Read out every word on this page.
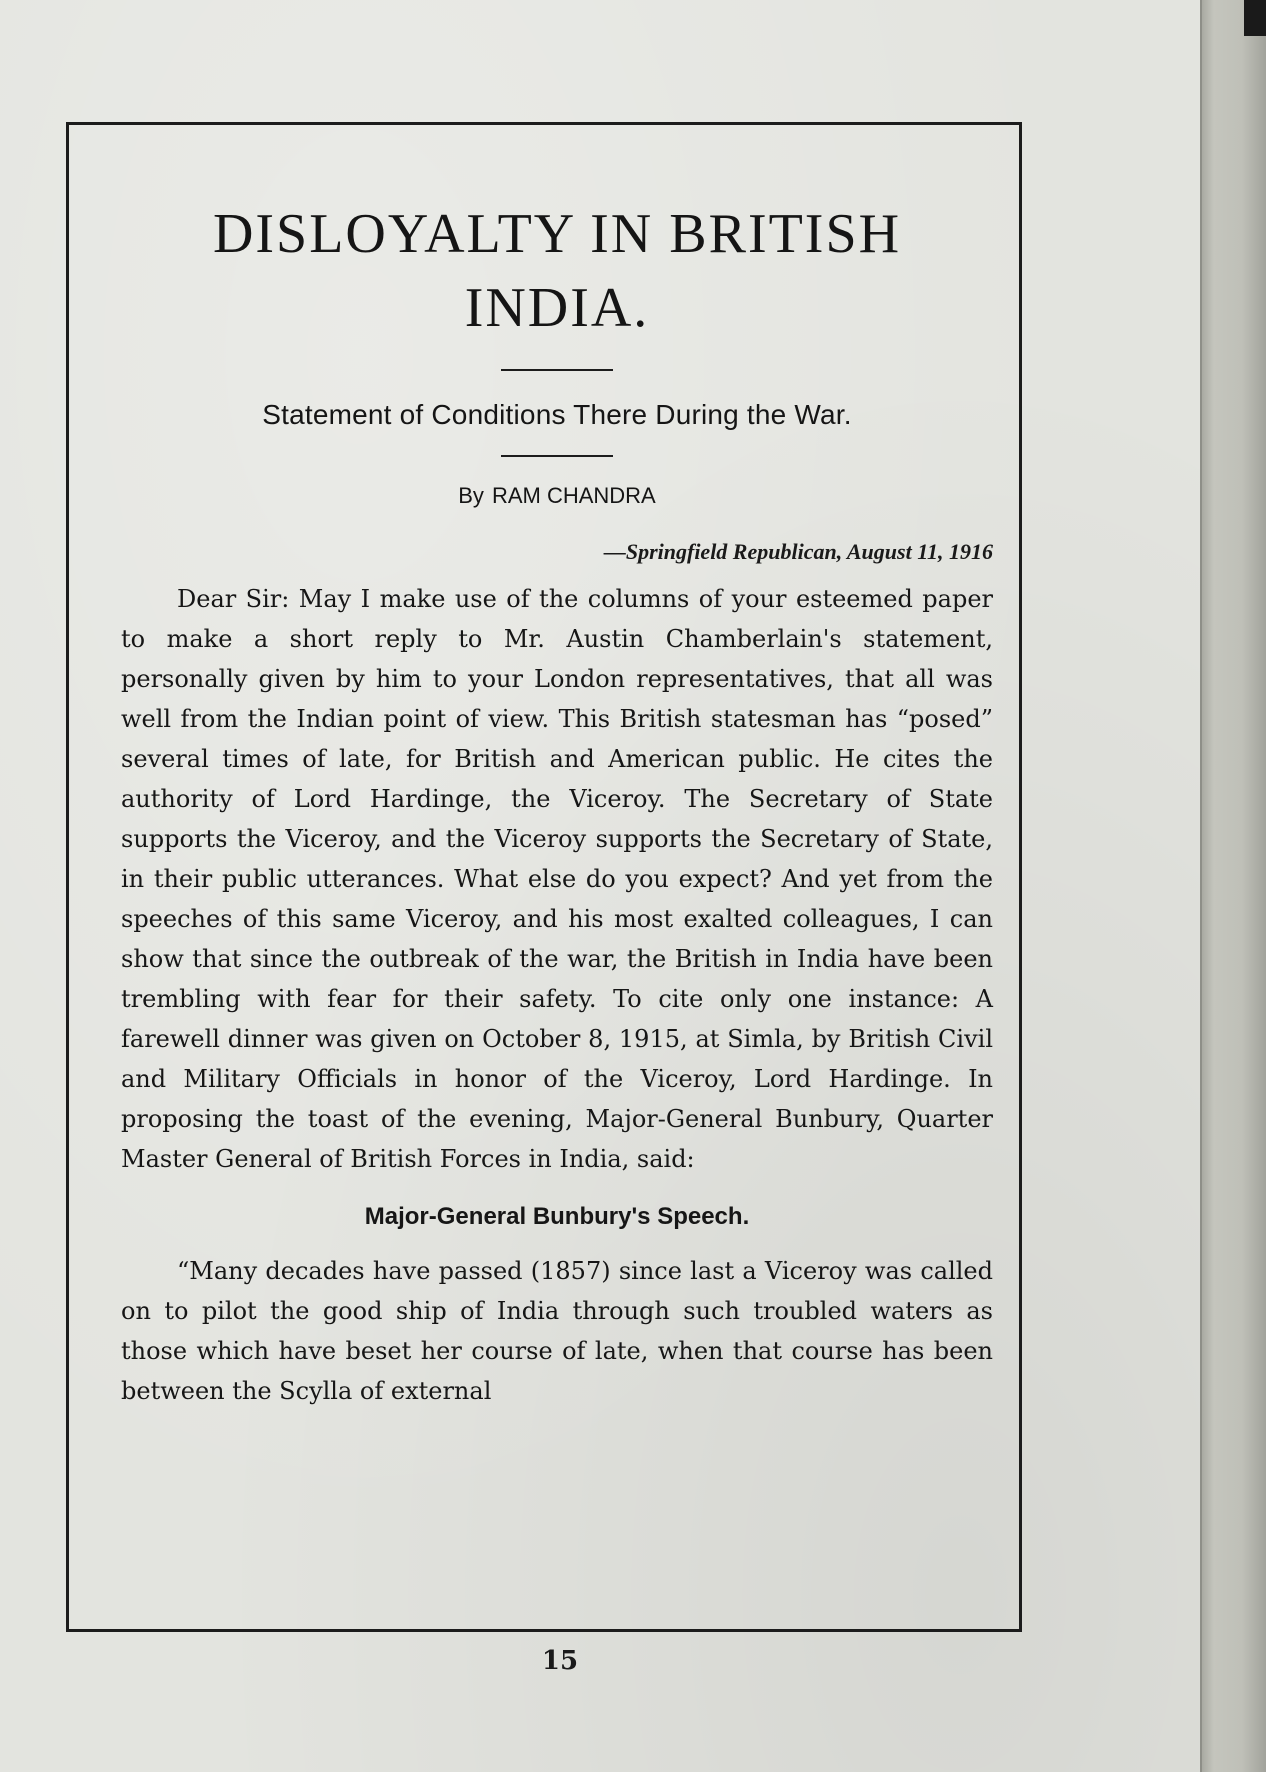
DISLOYALTY IN BRITISH INDIA.

Statement of Conditions There During the War.

By RAM CHANDRA

—Springfield Republican, August 11, 1916

Dear Sir: May I make use of the columns of your esteemed paper to make a short reply to Mr. Austin Chamberlain's statement, personally given by him to your London representatives, that all was well from the Indian point of view. This British statesman has “posed” several times of late, for British and American public. He cites the authority of Lord Hardinge, the Viceroy. The Secretary of State supports the Viceroy, and the Viceroy supports the Secretary of State, in their public utterances. What else do you expect? And yet from the speeches of this same Viceroy, and his most exalted colleagues, I can show that since the outbreak of the war, the British in India have been trembling with fear for their safety. To cite only one instance: A farewell dinner was given on October 8, 1915, at Simla, by British Civil and Military Officials in honor of the Viceroy, Lord Hardinge. In proposing the toast of the evening, Major-General Bunbury, Quarter Master General of British Forces in India, said:

Major-General Bunbury's Speech.

“Many decades have passed (1857) since last a Viceroy was called on to pilot the good ship of India through such troubled waters as those which have beset her course of late, when that course has been between the Scylla of external

15
